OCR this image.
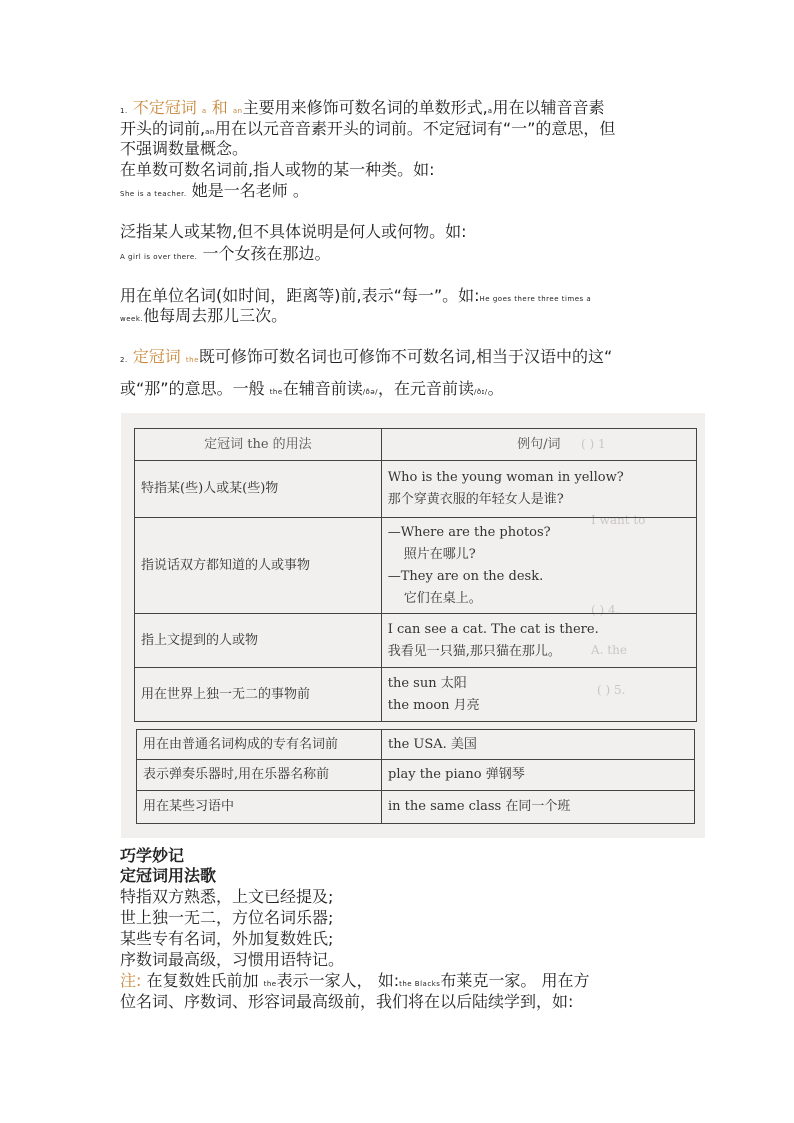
1. 不定冠词 a 和 an主要用来修饰可数名词的单数形式,a用在以辅音音素
开头的词前,an用在以元音音素开头的词前。不定冠词有“一”的意思，但
不强调数量概念。
在单数可数名词前,指人或物的某一种类。如:
She is a teacher. 她是一名老师 。
泛指某人或某物,但不具体说明是何人或何物。如:
A girl is over there. 一个女孩在那边。
用在单位名词(如时间，距离等)前,表示“每一”。如:He goes there three times a
week.他每周去那儿三次。
2. 定冠词 the既可修饰可数名词也可修饰不可数名词,相当于汉语中的这“
或“那”的意思。一般 the在辅音前读/ðə/，在元音前读/ðɪ/。
( ) 1
I want to
( ) 4.
A. the
( ) 5.
定冠词 the 的用法	例句/词
特指某(些)人或某(些)物	Who is the young woman in yellow?
那个穿黄衣服的年轻女人是谁?

指说话双方都知道的人或事物	—Where are the photos?
照片在哪儿?
—They are on the desk.
它们在桌上。

指上文提到的人或物	I can see a cat. The cat is there.
我看见一只猫,那只猫在那儿。

用在世界上独一无二的事物前	the sun 太阳
the moon 月亮
用在由普通名词构成的专有名词前	the USA. 美国
表示弹奏乐器时,用在乐器名称前	play the piano 弹钢琴
用在某些习语中	in the same class 在同一个班
巧学妙记
定冠词用法歌
特指双方熟悉，上文已经提及;
世上独一无二，方位名词乐器;
某些专有名词，外加复数姓氏;
序数词最高级，习惯用语特记。
注: 在复数姓氏前加 the表示一家人， 如:the Blacks布莱克一家。 用在方
位名词、序数词、形容词最高级前，我们将在以后陆续学到，如:
